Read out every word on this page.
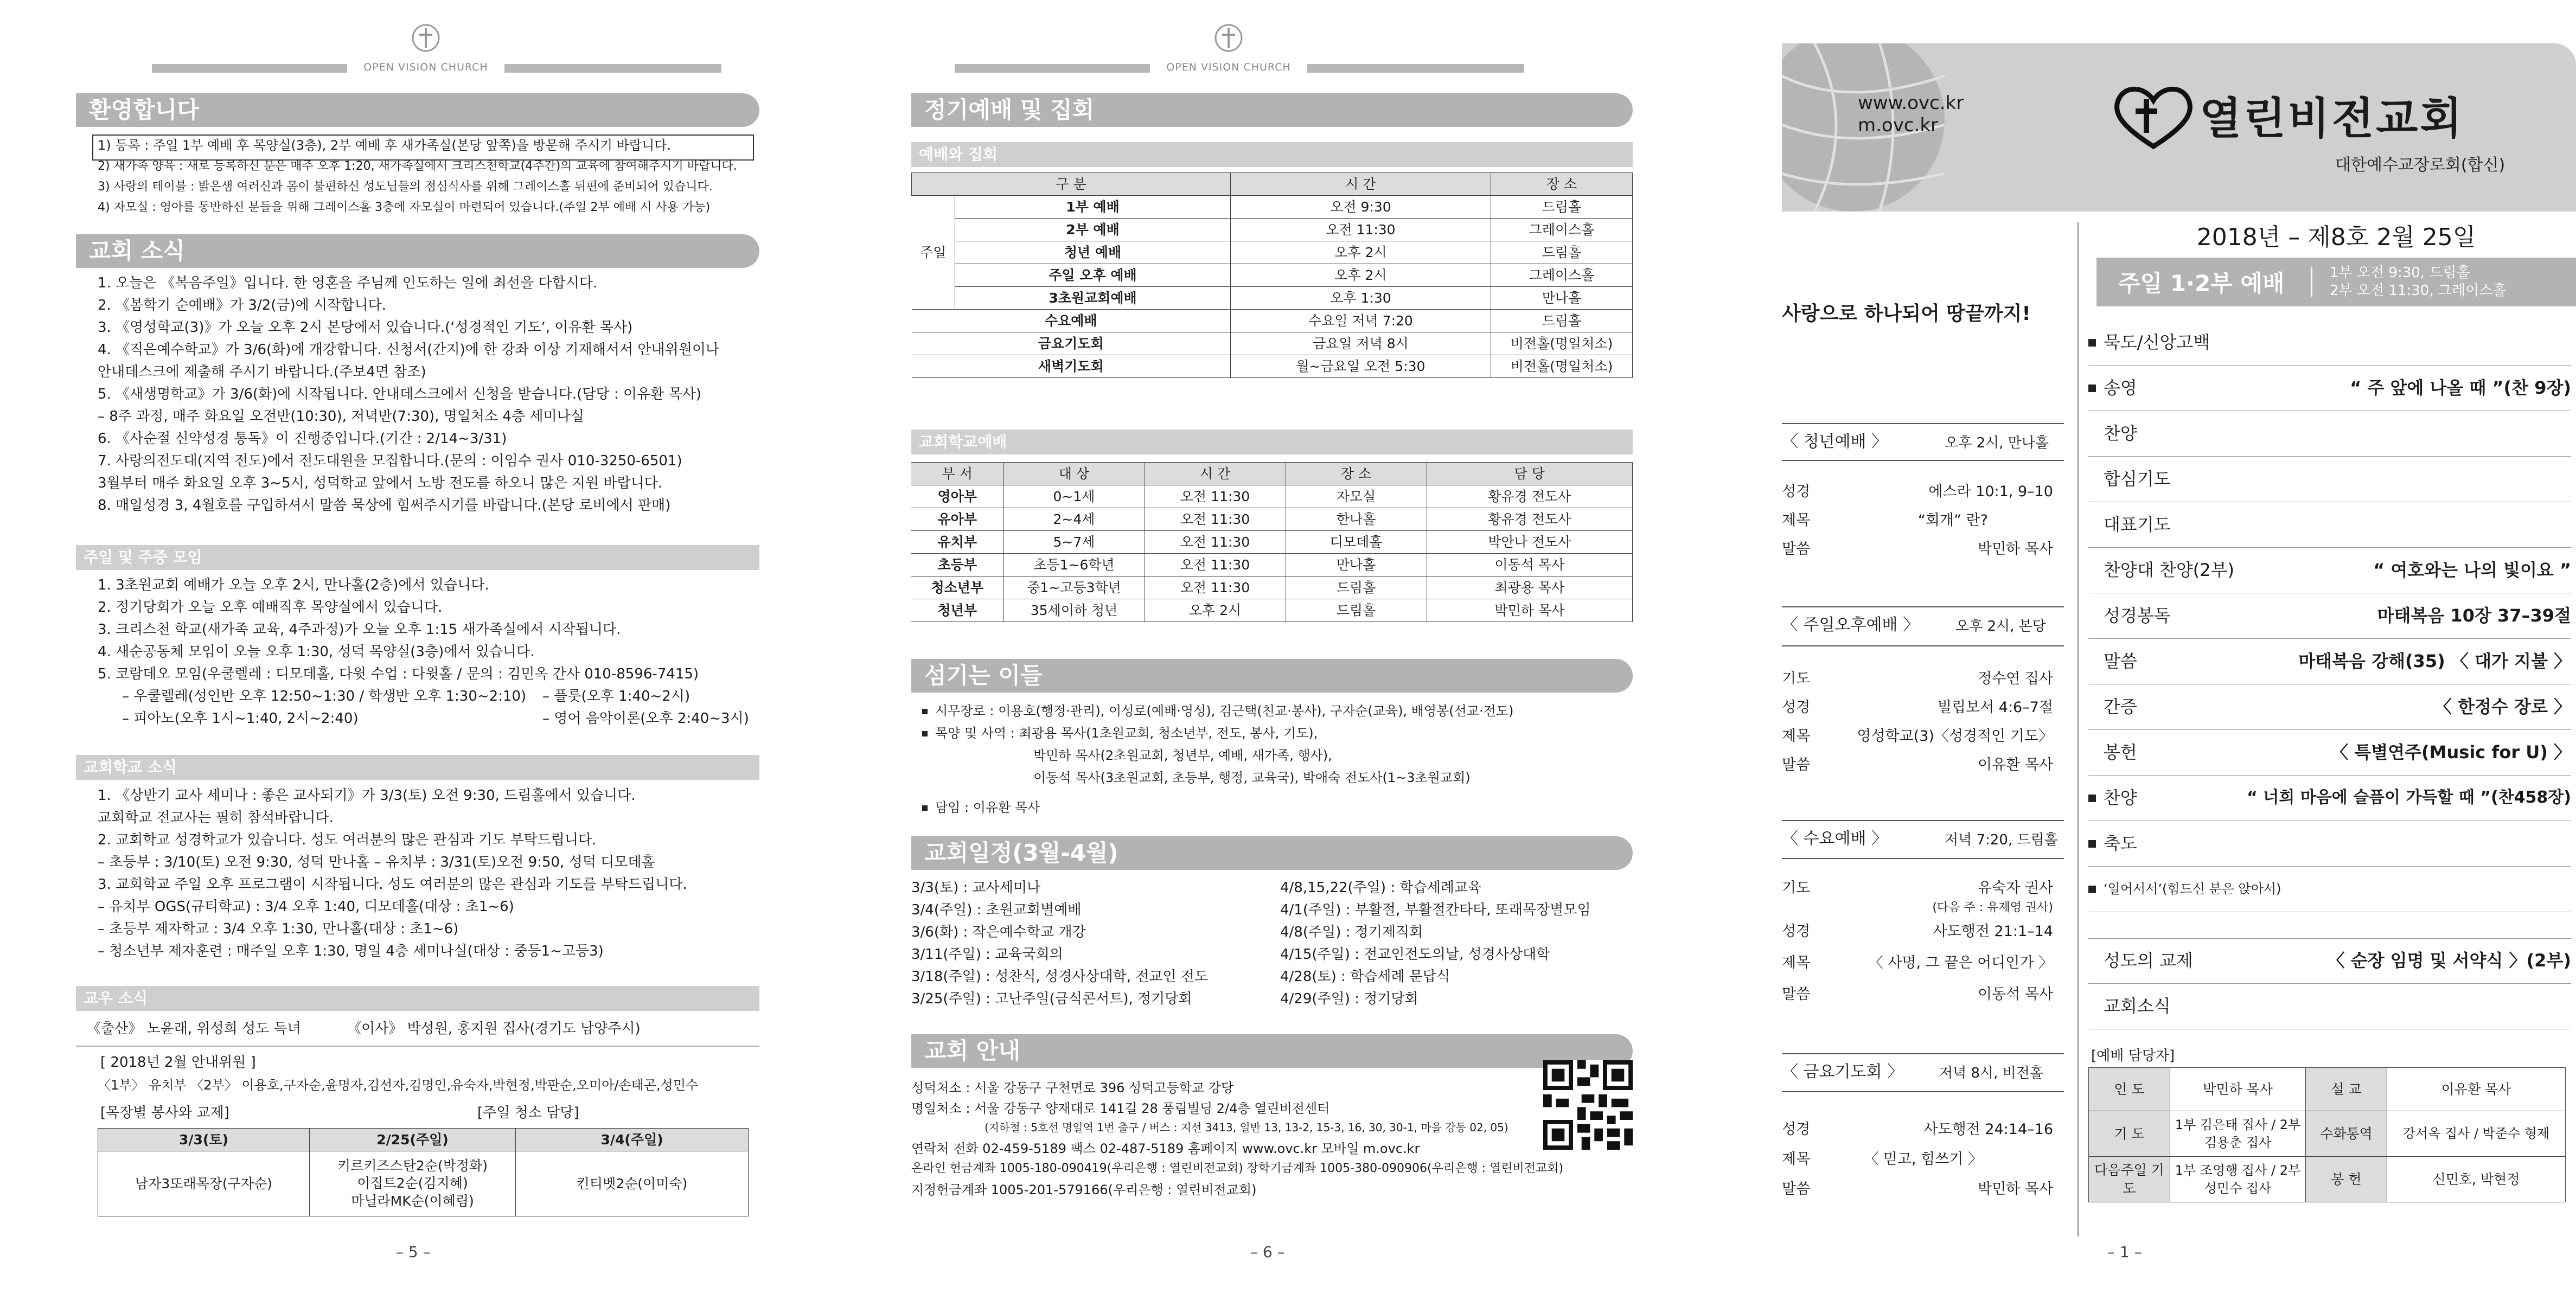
OPEN VISION CHURCH
환영합니다
1) 등록 : 주일 1부 예배 후 목양실(3층), 2부 예배 후 새가족실(본당 앞쪽)을 방문해 주시기 바랍니다.
2) 새가족 양육 : 새로 등록하신 분은 매주 오후 1:20, 새가족실에서 크리스천학교(4주간)의 교육에 참여해주시기 바랍니다.
3) 사랑의 테이블 : 밝은샘 여러신과 몸이 불편하신 성도님들의 점심식사를 위해 그레이스홀 뒤편에 준비되어 있습니다.
4) 자모실 : 영아를 동반하신 분들을 위해 그레이스홀 3층에 자모실이 마련되어 있습니다.(주일 2부 예배 시 사용 가능)
교회 소식
1. 오늘은 《복음주일》입니다. 한 영혼을 주님께 인도하는 일에 최선을 다합시다.
2. 《봄학기 순예배》가 3/2(금)에 시작합니다.
3. 《영성학교(3)》가 오늘 오후 2시 본당에서 있습니다.(‘성경적인 기도’, 이유환 목사)
4. 《직은예수학교》가 3/6(화)에 개강합니다. 신청서(간지)에 한 강좌 이상 기재해서서 안내위원이나
안내데스크에 제출해 주시기 바랍니다.(주보4면 참조)
5. 《새생명학교》가 3/6(화)에 시작됩니다. 안내데스크에서 신청을 받습니다.(담당 : 이유환 목사)
– 8주 과정, 매주 화요일 오전반(10:30), 저녁반(7:30), 명일처소 4층 세미나실
6. 《사순절 신약성경 통독》이 진행중입니다.(기간 : 2/14~3/31)
7. 사랑의전도대(지역 전도)에서 전도대원을 모집합니다.(문의 : 이임수 권사 010-3250-6501)
3월부터 매주 화요일 오후 3~5시, 성덕학교 앞에서 노방 전도를 하오니 많은 지원 바랍니다.
8. 매일성경 3, 4월호를 구입하셔서 말씀 묵상에 힘써주시기를 바랍니다.(본당 로비에서 판매)
주일 및 주중 모임
1. 3초원교회 예배가 오늘 오후 2시, 만나홀(2층)에서 있습니다.
2. 정기당회가 오늘 오후 예배직후 목양실에서 있습니다.
3. 크리스천 학교(새가족 교육, 4주과정)가 오늘 오후 1:15 새가족실에서 시작됩니다.
4. 새순공동체 모임이 오늘 오후 1:30, 성덕 목양실(3층)에서 있습니다.
5. 코람데오 모임(우쿨렐레 : 디모데홀, 다윗 수업 : 다윗홀 / 문의 : 김민옥 간사 010-8596-7415)
– 우쿨렐레(성인반 오후 12:50~1:30 / 학생반 오후 1:30~2:10) – 플룻(오후 1:40~2시)
– 피아노(오후 1시~1:40, 2시~2:40)	– 영어 음악이론(오후 2:40~3시)
교회학교 소식
1. 《상반기 교사 세미나 : 좋은 교사되기》가 3/3(토) 오전 9:30, 드림홀에서 있습니다.
교회학교 전교사는 필히 참석바랍니다.
2. 교회학교 성경학교가 있습니다. 성도 여러분의 많은 관심과 기도 부탁드립니다.
– 초등부 : 3/10(토) 오전 9:30, 성덕 만나홀 – 유치부 : 3/31(토)오전 9:50, 성덕 디모데홀
3. 교회학교 주일 오후 프로그램이 시작됩니다. 성도 여러분의 많은 관심과 기도를 부탁드립니다.
– 유치부 OGS(규티학교) : 3/4 오후 1:40, 디모데홀(대상 : 초1~6)
– 초등부 제자학교 : 3/4 오후 1:30, 만나홀(대상 : 초1~6)
– 청소년부 제자훈련 : 매주일 오후 1:30, 명일 4층 세미나실(대상 : 중등1~고등3)
교우 소식
《출산》 노윤래, 위성희 성도 득녀	《이사》 박성원, 홍지원 집사(경기도 남양주시)
[ 2018년 2월 안내위원 ]
〈1부〉 유치부 〈2부〉 이용호,구자순,윤명자,김선자,김명인,유숙자,박현정,박판순,오미아/손태곤,성민수
[목장별 봉사와 교제]	[주일 청소 담당]
3/3(토)	2/25(주일)	3/4(주일)
남자3또래목장(구자순)	키르키즈스탄2순(박정화)
이집트2순(김지혜)
마닐라MK순(이혜림)	킨티벳2순(이미숙)
– 5 –
OPEN VISION CHURCH
정기예배 및 집회
예배와 집회
구 분		시 간	장 소
주일	1부 예배	오전 9:30	드림홀
	2부 예배	오전 11:30	그레이스홀
	청년 예배	오후 2시	드림홀
	주일 오후 예배	오후 2시	그레이스홀
	3초원교회예배	오후 1:30	만나홀
수요예배		수요일 저녁 7:20	드림홀
금요기도회		금요일 저녁 8시	비전홀(명일처소)
새벽기도회		월~금요일 오전 5:30	비전홀(명일처소)
교회학교예배
부 서	대 상	시 간	장 소	담 당
영아부	0~1세	오전 11:30	자모실	황유경 전도사
유아부	2~4세	오전 11:30	한나홀	황유경 전도사
유치부	5~7세	오전 11:30	디모데홀	박안나 전도사
초등부	초등1~6학년	오전 11:30	만나홀	이동석 목사
청소년부	중1~고등3학년	오전 11:30	드림홀	최광용 목사
청년부	35세이하 청년	오후 2시	드림홀	박민하 목사
섬기는 이들
시무장로 : 이용호(행정·관리), 이성로(예배·영성), 김근택(친교·봉사), 구자순(교육), 배영봉(선교·전도)
목양 및 사역 : 최광용 목사(1초원교회, 청소년부, 전도, 봉사, 기도),
박민하 목사(2초원교회, 청년부, 예배, 새가족, 행사),
이동석 목사(3초원교회, 초등부, 행정, 교육국), 박애숙 전도사(1~3초원교회)
담임 : 이유환 목사
교회일정(3월-4월)
3/3(토) : 교사세미나
3/4(주일) : 초원교회별예배
3/6(화) : 작은예수학교 개강
3/11(주일) : 교육국회의
3/18(주일) : 성찬식, 성경사상대학, 전교인 전도
3/25(주일) : 고난주일(금식콘서트), 정기당회
4/8,15,22(주일) : 학습세례교육
4/1(주일) : 부활절, 부활절칸타타, 또래목장별모임
4/8(주일) : 정기제직회
4/15(주일) : 전교인전도의날, 성경사상대학
4/28(토) : 학습세례 문답식
4/29(주일) : 정기당회
교회 안내
성덕처소 : 서울 강동구 구천면로 396 성덕고등학교 강당
명일처소 : 서울 강동구 양재대로 141길 28 풍림빌딩 2/4층 열린비전센터
(지하철 : 5호선 명일역 1번 출구 / 버스 : 지선 3413, 일반 13, 13-2, 15-3, 16, 30, 30-1, 마을 강동 02, 05)
연락처 전화 02-459-5189 팩스 02-487-5189 홈페이지 www.ovc.kr 모바일 m.ovc.kr
온라인 헌금계좌 1005-180-090419(우리은행 : 열린비전교회) 장학기금계좌 1005-380-090906(우리은행 : 열린비전교회)
지정헌금계좌 1005-201-579166(우리은행 : 열린비전교회)
– 6 –
www.ovc.kr
m.ovc.kr	열린비전교회
대한예수교장로회(합신)
2018년 – 제8호 2월 25일
주일 1·2부 예배	1부 오전 9:30, 드림홀
2부 오전 11:30, 그레이스홀
사랑으로 하나되어 땅끝까지!
〈 청년예배 〉	오후 2시, 만나홀
성경	에스라 10:1, 9–10
제목	“회개” 란?
말씀	박민하 목사
〈 주일오후예배 〉	오후 2시, 본당
기도	정수연 집사
성경	빌립보서 4:6–7절
제목	영성학교(3)〈성경적인 기도〉
말씀	이유환 목사
〈 수요예배 〉	저녁 7:20, 드림홀
기도	유숙자 권사
(다음 주 : 유제영 권사)
성경	사도행전 21:1–14
제목	〈 사명, 그 끝은 어디인가 〉
말씀	이동석 목사
〈 금요기도회 〉	저녁 8시, 비전홀
성경	사도행전 24:14–16
제목	〈 믿고, 힘쓰기 〉
말씀	박민하 목사
묵도/신앙고백
송영	“ 주 앞에 나올 때 ”(찬 9장)
찬양
합심기도
대표기도
찬양대 찬양(2부)	“ 여호와는 나의 빛이요 ”
성경봉독	마태복음 10장 37–39절
말씀	마태복음 강해(35) 〈 대가 지불 〉
간증	〈 한정수 장로 〉
봉헌	〈 특별연주(Music for U) 〉
찬양	“ 너희 마음에 슬픔이 가득할 때 ”(찬458장)
축도
‘일어서서’(힘드신 분은 앉아서)
성도의 교제	〈 순장 임명 및 서약식 〉(2부)
교회소식
[예배 담당자]
인 도	박민하 목사	설 교	이유환 목사
기 도	1부 김은태 집사 / 2부 김용춘 집사	수화통역	강서옥 집사 / 박준수 형제
다음주일 기도	1부 조영행 집사 / 2부 성민수 집사	봉 헌	신민호, 박현정
– 1 –
